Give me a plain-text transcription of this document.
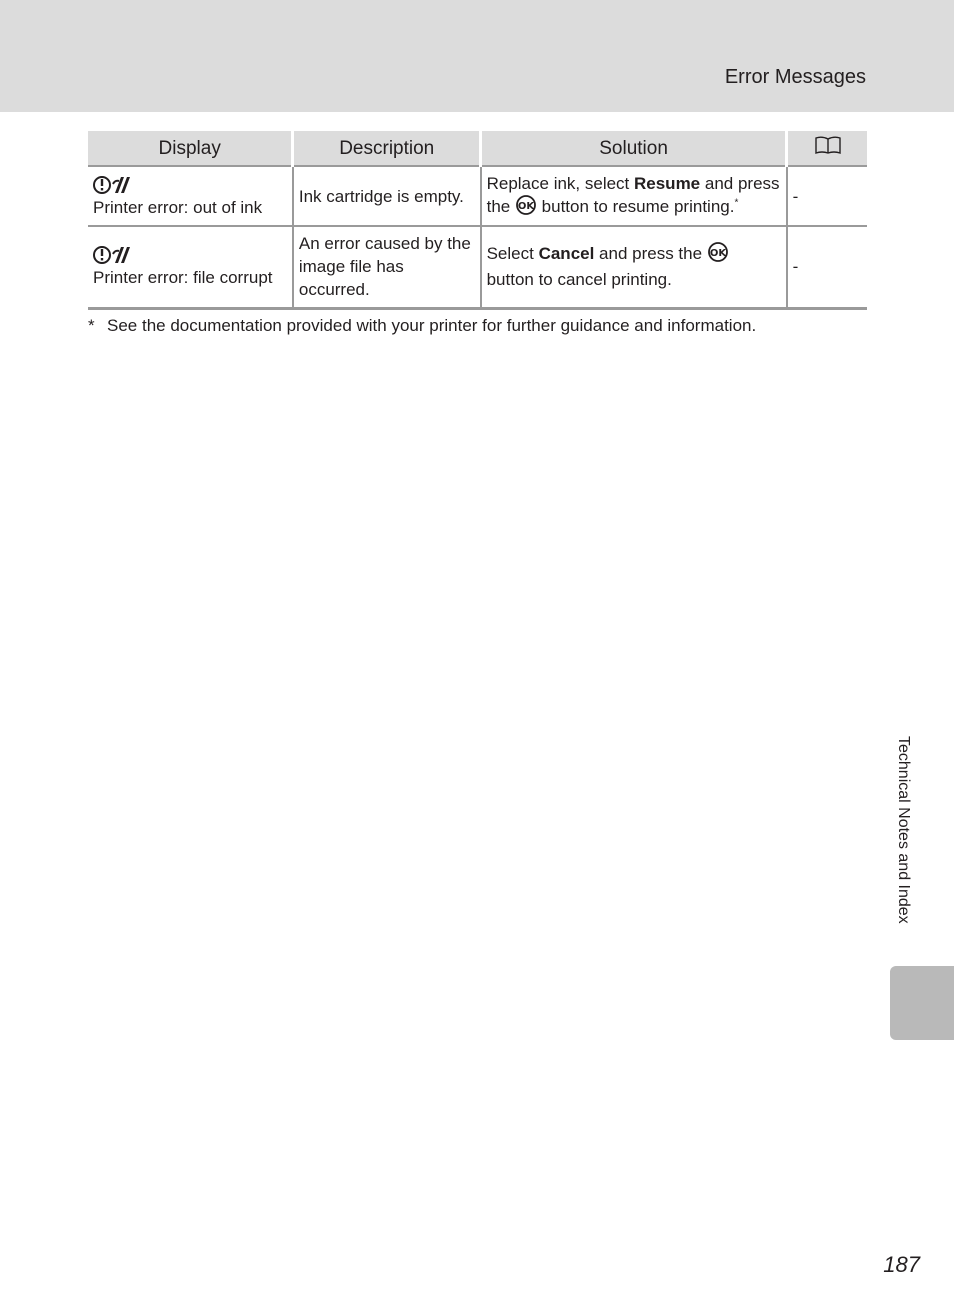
Error Messages
Display	Description	Solution	

Printer error: out of ink	Ink cartridge is empty.	Replace ink, select Resume and press the OK button to resume printing.*	-

Printer error: file corrupt	An error caused by the image file has occurred.	Select Cancel and press the OK
button to cancel printing.	-
* See the documentation provided with your printer for further guidance and information.
Technical Notes and Index
187
